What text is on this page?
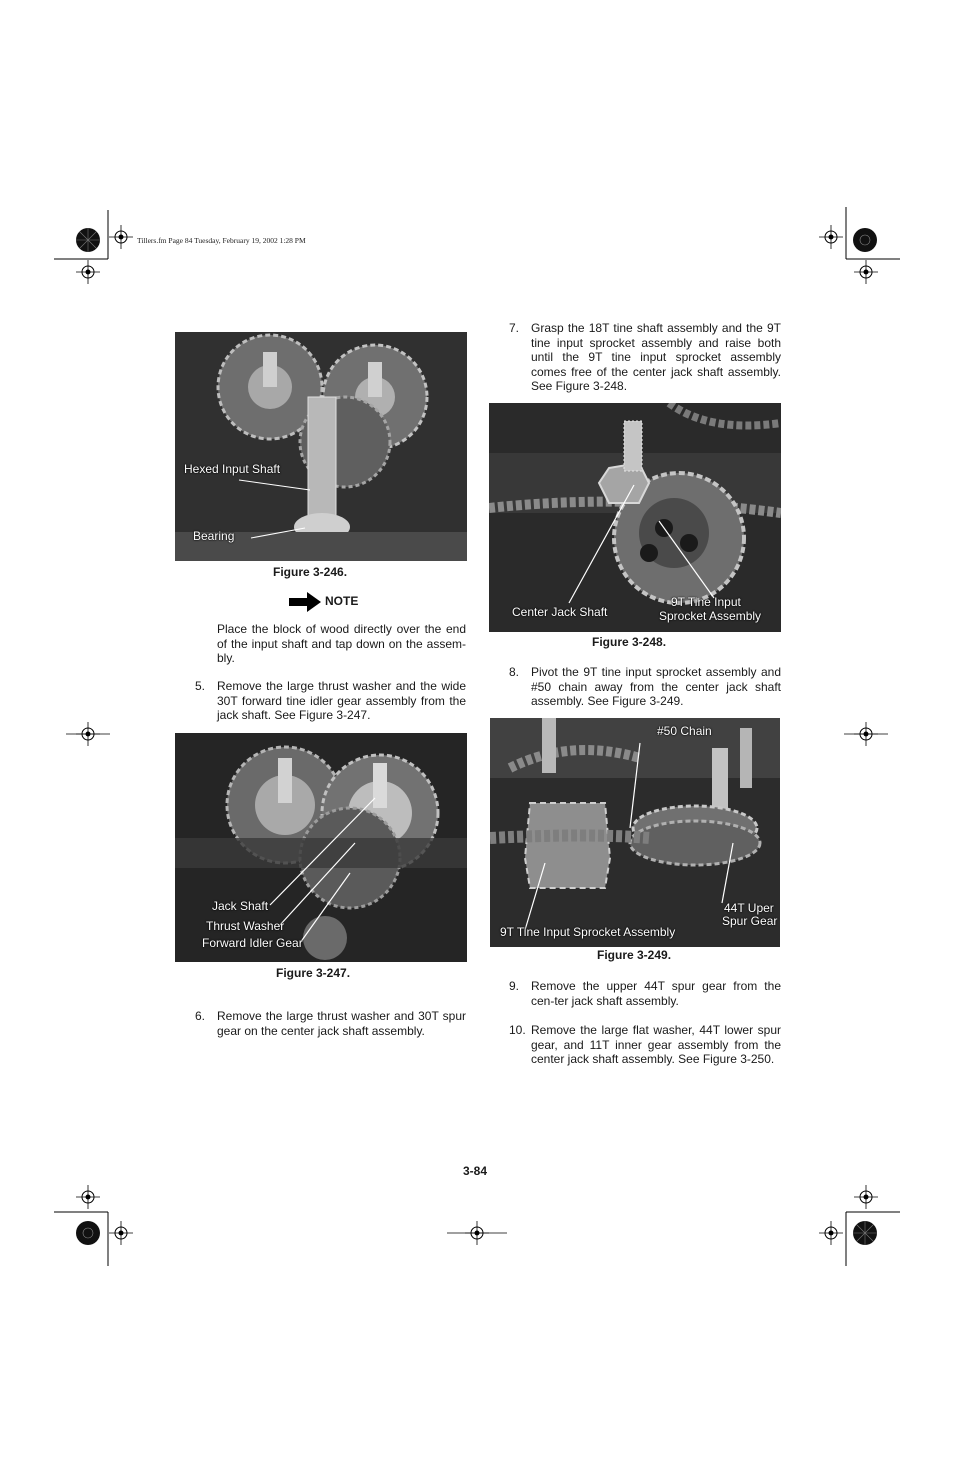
Tillers.fm Page 84 Tuesday, February 19, 2002 1:28 PM
Hexed Input Shaft
Bearing
Figure 3-246.
NOTE
Place the block of wood directly over the end of the input shaft and tap down on the assem-bly.
5. Remove the large thrust washer and the wide 30T forward tine idler gear assembly from the jack shaft. See Figure 3-247.
Jack Shaft
Thrust Washer
Forward Idler Gear
Figure 3-247.
6. Remove the large thrust washer and 30T spur gear on the center jack shaft assembly.
7. Grasp the 18T tine shaft assembly and the 9T tine input sprocket assembly and raise both until the 9T tine input sprocket assembly comes free of the center jack shaft assembly. See Figure 3-248.
Center Jack Shaft
9T Tine Input
Sprocket Assembly
Figure 3-248.
8. Pivot the 9T tine input sprocket assembly and #50 chain away from the center jack shaft assembly. See Figure 3-249.
#50 Chain
44T Uper
Spur Gear
9T Tine Input Sprocket Assembly
Figure 3-249.
9. Remove the upper 44T spur gear from the cen-ter jack shaft assembly.
10. Remove the large flat washer, 44T lower spur gear, and 11T inner gear assembly from the center jack shaft assembly. See Figure 3-250.
3-84
